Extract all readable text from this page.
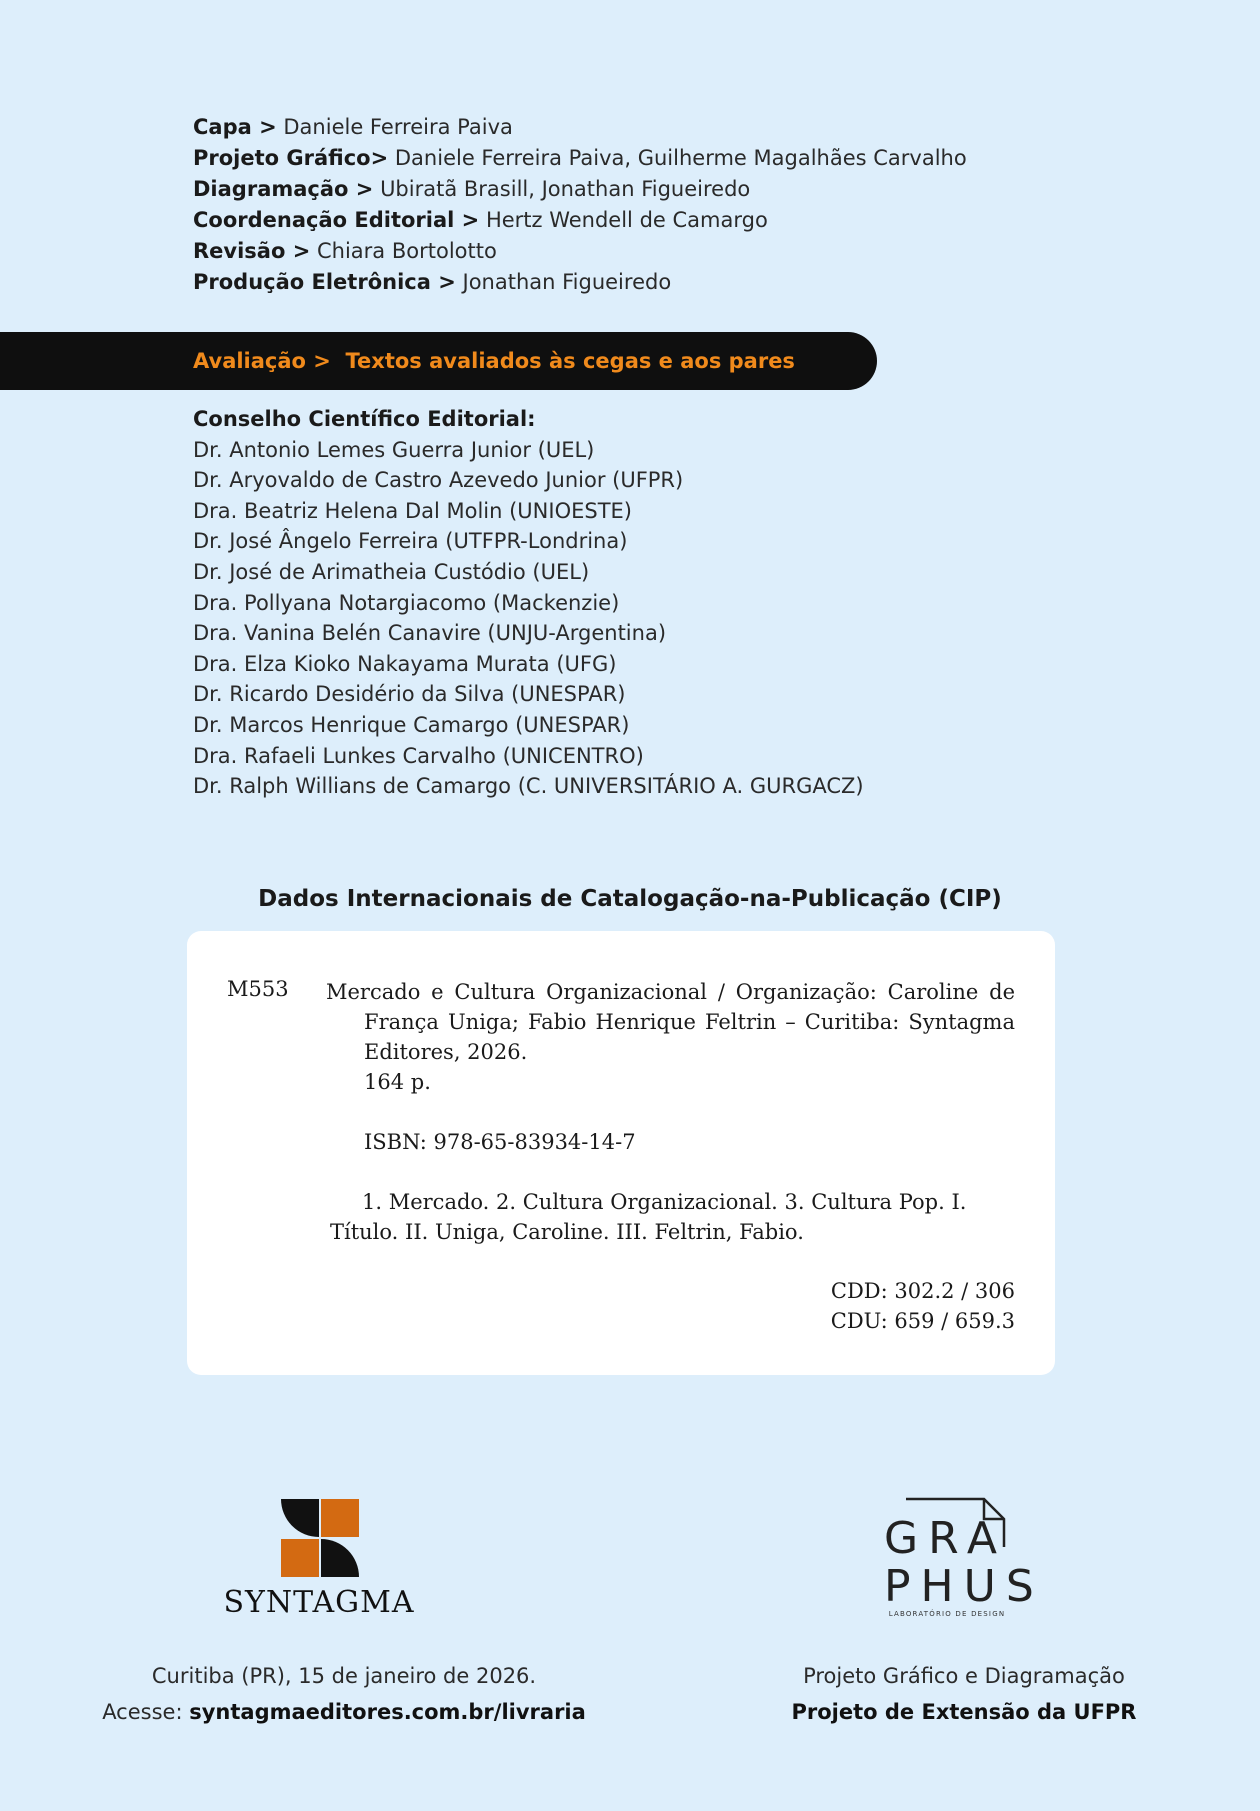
Capa > Daniele Ferreira Paiva
Projeto Gráfico> Daniele Ferreira Paiva, Guilherme Magalhães Carvalho
Diagramação > Ubiratã Brasill, Jonathan Figueiredo
Coordenação Editorial > Hertz Wendell de Camargo
Revisão > Chiara Bortolotto
Produção Eletrônica > Jonathan Figueiredo
Avaliação > Textos avaliados às cegas e aos pares
Conselho Científico Editorial:
Dr. Antonio Lemes Guerra Junior (UEL)
Dr. Aryovaldo de Castro Azevedo Junior (UFPR)
Dra. Beatriz Helena Dal Molin (UNIOESTE)
Dr. José Ângelo Ferreira (UTFPR-Londrina)
Dr. José de Arimatheia Custódio (UEL)
Dra. Pollyana Notargiacomo (Mackenzie)
Dra. Vanina Belén Canavire (UNJU-Argentina)
Dra. Elza Kioko Nakayama Murata (UFG)
Dr. Ricardo Desidério da Silva (UNESPAR)
Dr. Marcos Henrique Camargo (UNESPAR)
Dra. Rafaeli Lunkes Carvalho (UNICENTRO)
Dr. Ralph Willians de Camargo (C. UNIVERSITÁRIO A. GURGACZ)
Dados Internacionais de Catalogação-na-Publicação (CIP)
M553 Mercado e Cultura Organizacional / Organização: Caroline de França Uniga; Fabio Henrique Feltrin – Curitiba: Syntagma Editores, 2026.
164 p.
ISBN: 978-65-83934-14-7
1. Mercado. 2. Cultura Organizacional. 3. Cultura Pop. I. Título. II. Uniga, Caroline. III. Feltrin, Fabio.
CDD: 302.2 / 306
CDU: 659 / 659.3
SYNTAGMA
GRA
PHUS
LABORATÓRIO DE DESIGN
Curitiba (PR), 15 de janeiro de 2026.
Acesse: syntagmaeditores.com.br/livraria
Projeto Gráfico e Diagramação
Projeto de Extensão da UFPR
